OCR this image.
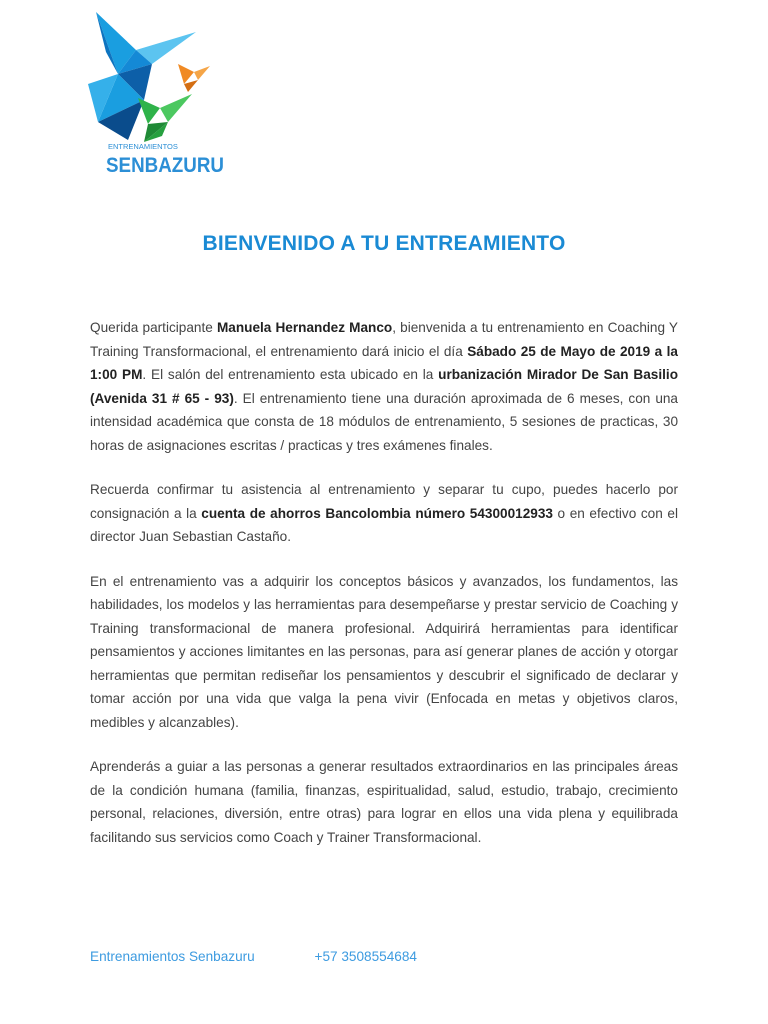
ENTRENAMIENTOS
SENBAZURU
BIENVENIDO A TU ENTREAMIENTO

Querida participante Manuela Hernandez Manco, bienvenida a tu entrenamiento en Coaching Y Training Transformacional, el entrenamiento dará inicio el día Sábado 25 de Mayo de 2019 a la 1:00 PM. El salón del entrenamiento esta ubicado en la urbanización Mirador De San Basilio (Avenida 31 # 65 - 93). El entrenamiento tiene una duración aproximada de 6 meses, con una intensidad académica que consta de 18 módulos de entrenamiento, 5 sesiones de practicas, 30 horas de asignaciones escritas / practicas y tres exámenes finales.

Recuerda confirmar tu asistencia al entrenamiento y separar tu cupo, puedes hacerlo por consignación a la cuenta de ahorros Bancolombia número 54300012933 o en efectivo con el director Juan Sebastian Castaño.

En el entrenamiento vas a adquirir los conceptos básicos y avanzados, los fundamentos, las habilidades, los modelos y las herramientas para desempeñarse y prestar servicio de Coaching y Training transformacional de manera profesional. Adquirirá herramientas para identificar pensamientos y acciones limitantes en las personas, para así generar planes de acción y otorgar herramientas que permitan rediseñar los pensamientos y descubrir el significado de declarar y tomar acción por una vida que valga la pena vivir (Enfocada en metas y objetivos claros, medibles y alcanzables).

Aprenderás a guiar a las personas a generar resultados extraordinarios en las principales áreas de la condición humana (familia, finanzas, espiritualidad, salud, estudio, trabajo, crecimiento personal, relaciones, diversión, entre otras) para lograr en ellos una vida plena y equilibrada facilitando sus servicios como Coach y Trainer Transformacional.

Entrenamientos Senbazuru	+57 3508554684
